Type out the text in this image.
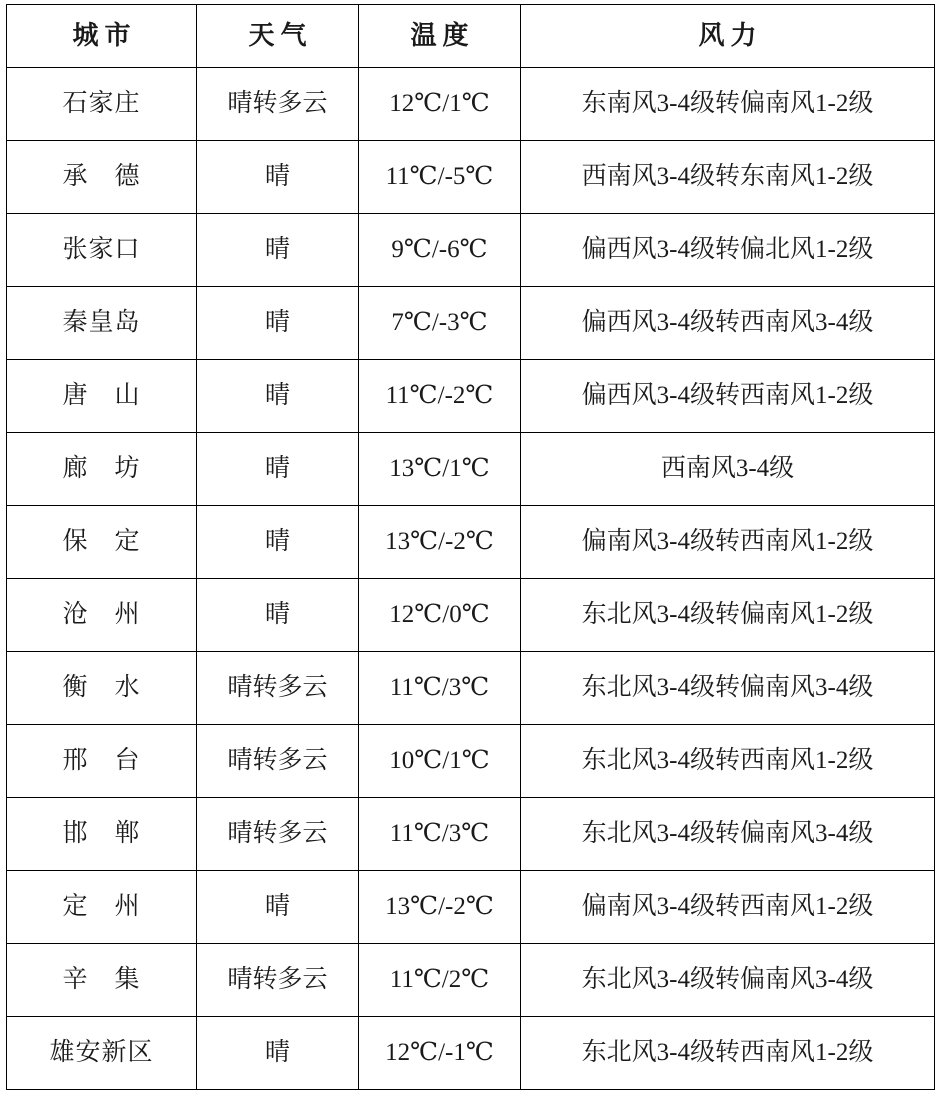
城市	天气	温度	风力
石家庄	晴转多云	12℃/1℃	东南风3-4级转偏南风1-2级
承　德	晴	11℃/-5℃	西南风3-4级转东南风1-2级
张家口	晴	9℃/-6℃	偏西风3-4级转偏北风1-2级
秦皇岛	晴	7℃/-3℃	偏西风3-4级转西南风3-4级
唐　山	晴	11℃/-2℃	偏西风3-4级转西南风1-2级
廊　坊	晴	13℃/1℃	西南风3-4级
保　定	晴	13℃/-2℃	偏南风3-4级转西南风1-2级
沧　州	晴	12℃/0℃	东北风3-4级转偏南风1-2级
衡　水	晴转多云	11℃/3℃	东北风3-4级转偏南风3-4级
邢　台	晴转多云	10℃/1℃	东北风3-4级转西南风1-2级
邯　郸	晴转多云	11℃/3℃	东北风3-4级转偏南风3-4级
定　州	晴	13℃/-2℃	偏南风3-4级转西南风1-2级
辛　集	晴转多云	11℃/2℃	东北风3-4级转偏南风3-4级
雄安新区	晴	12℃/-1℃	东北风3-4级转西南风1-2级
